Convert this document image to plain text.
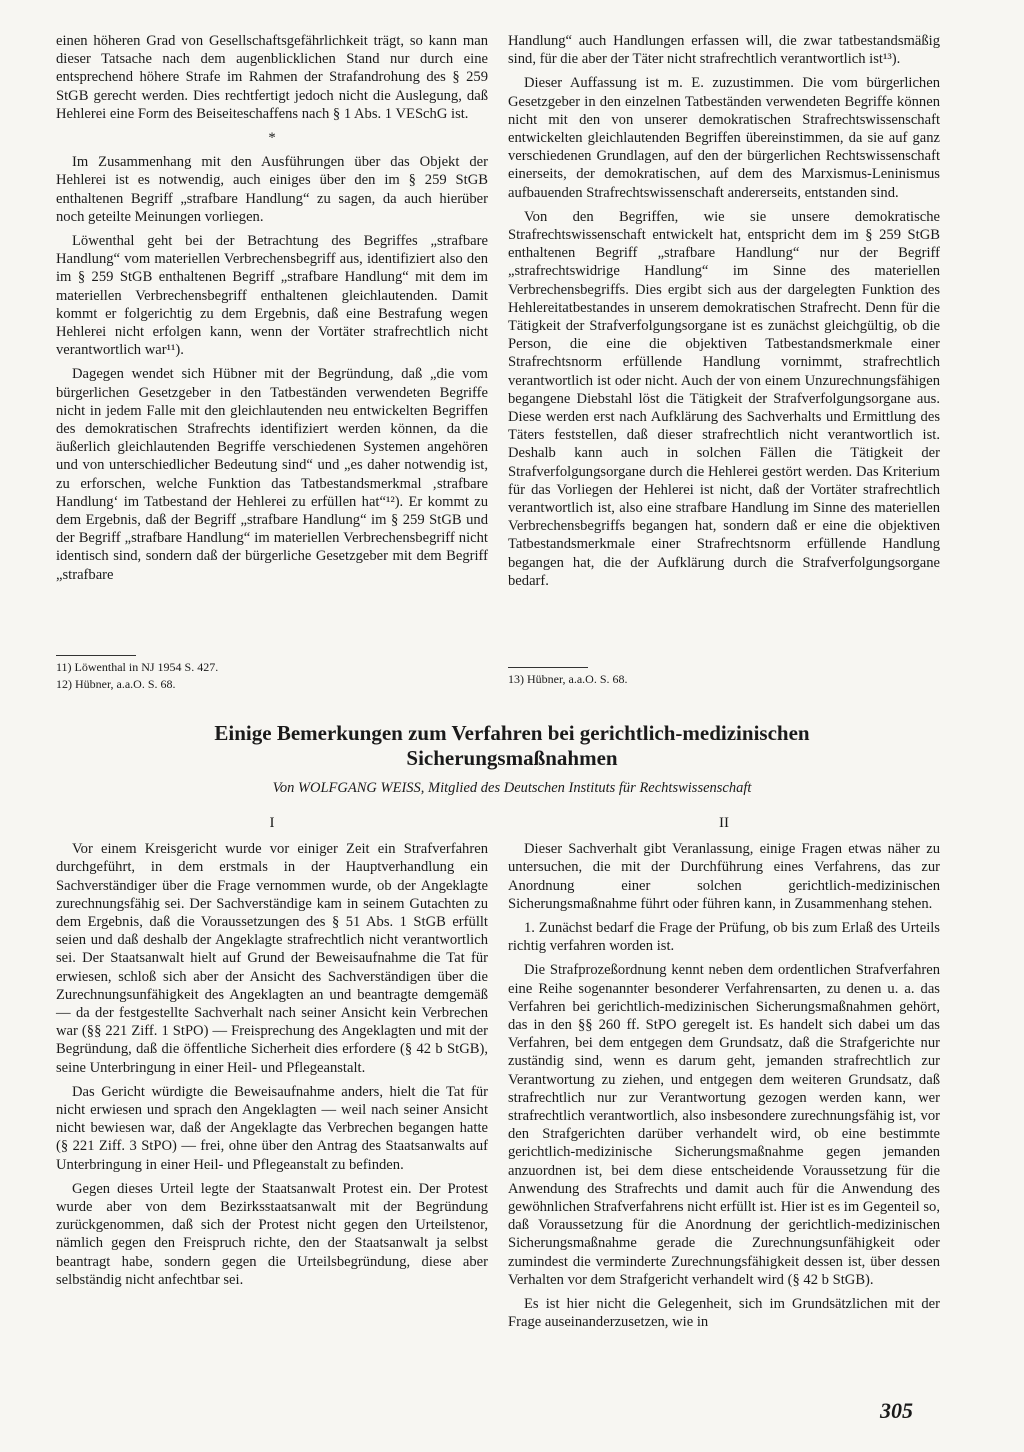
einen höheren Grad von Gesellschaftsgefährlichkeit trägt, so kann man dieser Tatsache nach dem augenblicklichen Stand nur durch eine entsprechend höhere Strafe im Rahmen der Strafandrohung des § 259 StGB gerecht werden. Dies rechtfertigt jedoch nicht die Auslegung, daß Hehlerei eine Form des Beiseiteschaffens nach § 1 Abs. 1 VESchG ist.

*

Im Zusammenhang mit den Ausführungen über das Objekt der Hehlerei ist es notwendig, auch einiges über den im § 259 StGB enthaltenen Begriff „strafbare Handlung“ zu sagen, da auch hierüber noch geteilte Meinungen vorliegen.

Löwenthal geht bei der Betrachtung des Begriffes „strafbare Handlung“ vom materiellen Verbrechensbegriff aus, identifiziert also den im § 259 StGB enthaltenen Begriff „strafbare Handlung“ mit dem im materiellen Verbrechensbegriff enthaltenen gleichlautenden. Damit kommt er folgerichtig zu dem Ergebnis, daß eine Bestrafung wegen Hehlerei nicht erfolgen kann, wenn der Vortäter strafrechtlich nicht verantwortlich war¹¹).

Dagegen wendet sich Hübner mit der Begründung, daß „die vom bürgerlichen Gesetzgeber in den Tatbeständen verwendeten Begriffe nicht in jedem Falle mit den gleichlautenden neu entwickelten Begriffen des demokratischen Strafrechts identifiziert werden können, da die äußerlich gleichlautenden Begriffe verschiedenen Systemen angehören und von unterschiedlicher Bedeutung sind“ und „es daher notwendig ist, zu erforschen, welche Funktion das Tatbestandsmerkmal ‚strafbare Handlung‘ im Tatbestand der Hehlerei zu erfüllen hat“¹²). Er kommt zu dem Ergebnis, daß der Begriff „strafbare Handlung“ im § 259 StGB und der Begriff „strafbare Handlung“ im materiellen Verbrechensbegriff nicht identisch sind, sondern daß der bürgerliche Gesetzgeber mit dem Begriff „strafbare

11) Löwenthal in NJ 1954 S. 427.
12) Hübner, a.a.O. S. 68.

Handlung“ auch Handlungen erfassen will, die zwar tatbestandsmäßig sind, für die aber der Täter nicht strafrechtlich verantwortlich ist¹³).

Dieser Auffassung ist m. E. zuzustimmen. Die vom bürgerlichen Gesetzgeber in den einzelnen Tatbeständen verwendeten Begriffe können nicht mit den von unserer demokratischen Strafrechtswissenschaft entwickelten gleichlautenden Begriffen übereinstimmen, da sie auf ganz verschiedenen Grundlagen, auf den der bürgerlichen Rechtswissenschaft einerseits, der demokratischen, auf dem des Marxismus-Leninismus aufbauenden Strafrechtswissenschaft andererseits, entstanden sind.

Von den Begriffen, wie sie unsere demokratische Strafrechtswissenschaft entwickelt hat, entspricht dem im § 259 StGB enthaltenen Begriff „strafbare Handlung“ nur der Begriff „strafrechtswidrige Handlung“ im Sinne des materiellen Verbrechensbegriffs. Dies ergibt sich aus der dargelegten Funktion des Hehlereitatbestandes in unserem demokratischen Strafrecht. Denn für die Tätigkeit der Strafverfolgungsorgane ist es zunächst gleichgültig, ob die Person, die eine die objektiven Tatbestandsmerkmale einer Strafrechtsnorm erfüllende Handlung vornimmt, strafrechtlich verantwortlich ist oder nicht. Auch der von einem Unzurechnungsfähigen begangene Diebstahl löst die Tätigkeit der Strafverfolgungsorgane aus. Diese werden erst nach Aufklärung des Sachverhalts und Ermittlung des Täters feststellen, daß dieser strafrechtlich nicht verantwortlich ist. Deshalb kann auch in solchen Fällen die Tätigkeit der Strafverfolgungsorgane durch die Hehlerei gestört werden. Das Kriterium für das Vorliegen der Hehlerei ist nicht, daß der Vortäter strafrechtlich verantwortlich ist, also eine strafbare Handlung im Sinne des materiellen Verbrechensbegriffs begangen hat, sondern daß er eine die objektiven Tatbestandsmerkmale einer Strafrechtsnorm erfüllende Handlung begangen hat, die der Aufklärung durch die Strafverfolgungsorgane bedarf.

13) Hübner, a.a.O. S. 68.
Einige Bemerkungen zum Verfahren bei gerichtlich-medizinischen
Sicherungsmaßnahmen
Von WOLFGANG WEISS, Mitglied des Deutschen Instituts für Rechtswissenschaft
I

Vor einem Kreisgericht wurde vor einiger Zeit ein Strafverfahren durchgeführt, in dem erstmals in der Hauptverhandlung ein Sachverständiger über die Frage vernommen wurde, ob der Angeklagte zurechnungsfähig sei. Der Sachverständige kam in seinem Gutachten zu dem Ergebnis, daß die Voraussetzungen des § 51 Abs. 1 StGB erfüllt seien und daß deshalb der Angeklagte strafrechtlich nicht verantwortlich sei. Der Staatsanwalt hielt auf Grund der Beweisaufnahme die Tat für erwiesen, schloß sich aber der Ansicht des Sachverständigen über die Zurechnungsunfähigkeit des Angeklagten an und beantragte demgemäß — da der festgestellte Sachverhalt nach seiner Ansicht kein Verbrechen war (§§ 221 Ziff. 1 StPO) — Freisprechung des Angeklagten und mit der Begründung, daß die öffentliche Sicherheit dies erfordere (§ 42 b StGB), seine Unterbringung in einer Heil- und Pflegeanstalt.

Das Gericht würdigte die Beweisaufnahme anders, hielt die Tat für nicht erwiesen und sprach den Angeklagten — weil nach seiner Ansicht nicht bewiesen war, daß der Angeklagte das Verbrechen begangen hatte (§ 221 Ziff. 3 StPO) — frei, ohne über den Antrag des Staatsanwalts auf Unterbringung in einer Heil- und Pflegeanstalt zu befinden.

Gegen dieses Urteil legte der Staatsanwalt Protest ein. Der Protest wurde aber von dem Bezirksstaatsanwalt mit der Begründung zurückgenommen, daß sich der Protest nicht gegen den Urteilstenor, nämlich gegen den Freispruch richte, den der Staatsanwalt ja selbst beantragt habe, sondern gegen die Urteilsbegründung, diese aber selbständig nicht anfechtbar sei.

II

Dieser Sachverhalt gibt Veranlassung, einige Fragen etwas näher zu untersuchen, die mit der Durchführung eines Verfahrens, das zur Anordnung einer solchen gerichtlich-medizinischen Sicherungsmaßnahme führt oder führen kann, in Zusammenhang stehen.

1. Zunächst bedarf die Frage der Prüfung, ob bis zum Erlaß des Urteils richtig verfahren worden ist.

Die Strafprozeßordnung kennt neben dem ordentlichen Strafverfahren eine Reihe sogenannter besonderer Verfahrensarten, zu denen u. a. das Verfahren bei gerichtlich-medizinischen Sicherungsmaßnahmen gehört, das in den §§ 260 ff. StPO geregelt ist. Es handelt sich dabei um das Verfahren, bei dem entgegen dem Grundsatz, daß die Strafgerichte nur zuständig sind, wenn es darum geht, jemanden strafrechtlich zur Verantwortung zu ziehen, und entgegen dem weiteren Grundsatz, daß strafrechtlich nur zur Verantwortung gezogen werden kann, wer strafrechtlich verantwortlich, also insbesondere zurechnungsfähig ist, vor den Strafgerichten darüber verhandelt wird, ob eine bestimmte gerichtlich-medizinische Sicherungsmaßnahme gegen jemanden anzuordnen ist, bei dem diese entscheidende Voraussetzung für die Anwendung des Strafrechts und damit auch für die Anwendung des gewöhnlichen Strafverfahrens nicht erfüllt ist. Hier ist es im Gegenteil so, daß Voraussetzung für die Anordnung der gerichtlich-medizinischen Sicherungsmaßnahme gerade die Zurechnungsunfähigkeit oder zumindest die verminderte Zurechnungsfähigkeit dessen ist, über dessen Verhalten vor dem Strafgericht verhandelt wird (§ 42 b StGB).

Es ist hier nicht die Gelegenheit, sich im Grundsätzlichen mit der Frage auseinanderzusetzen, wie in

305
